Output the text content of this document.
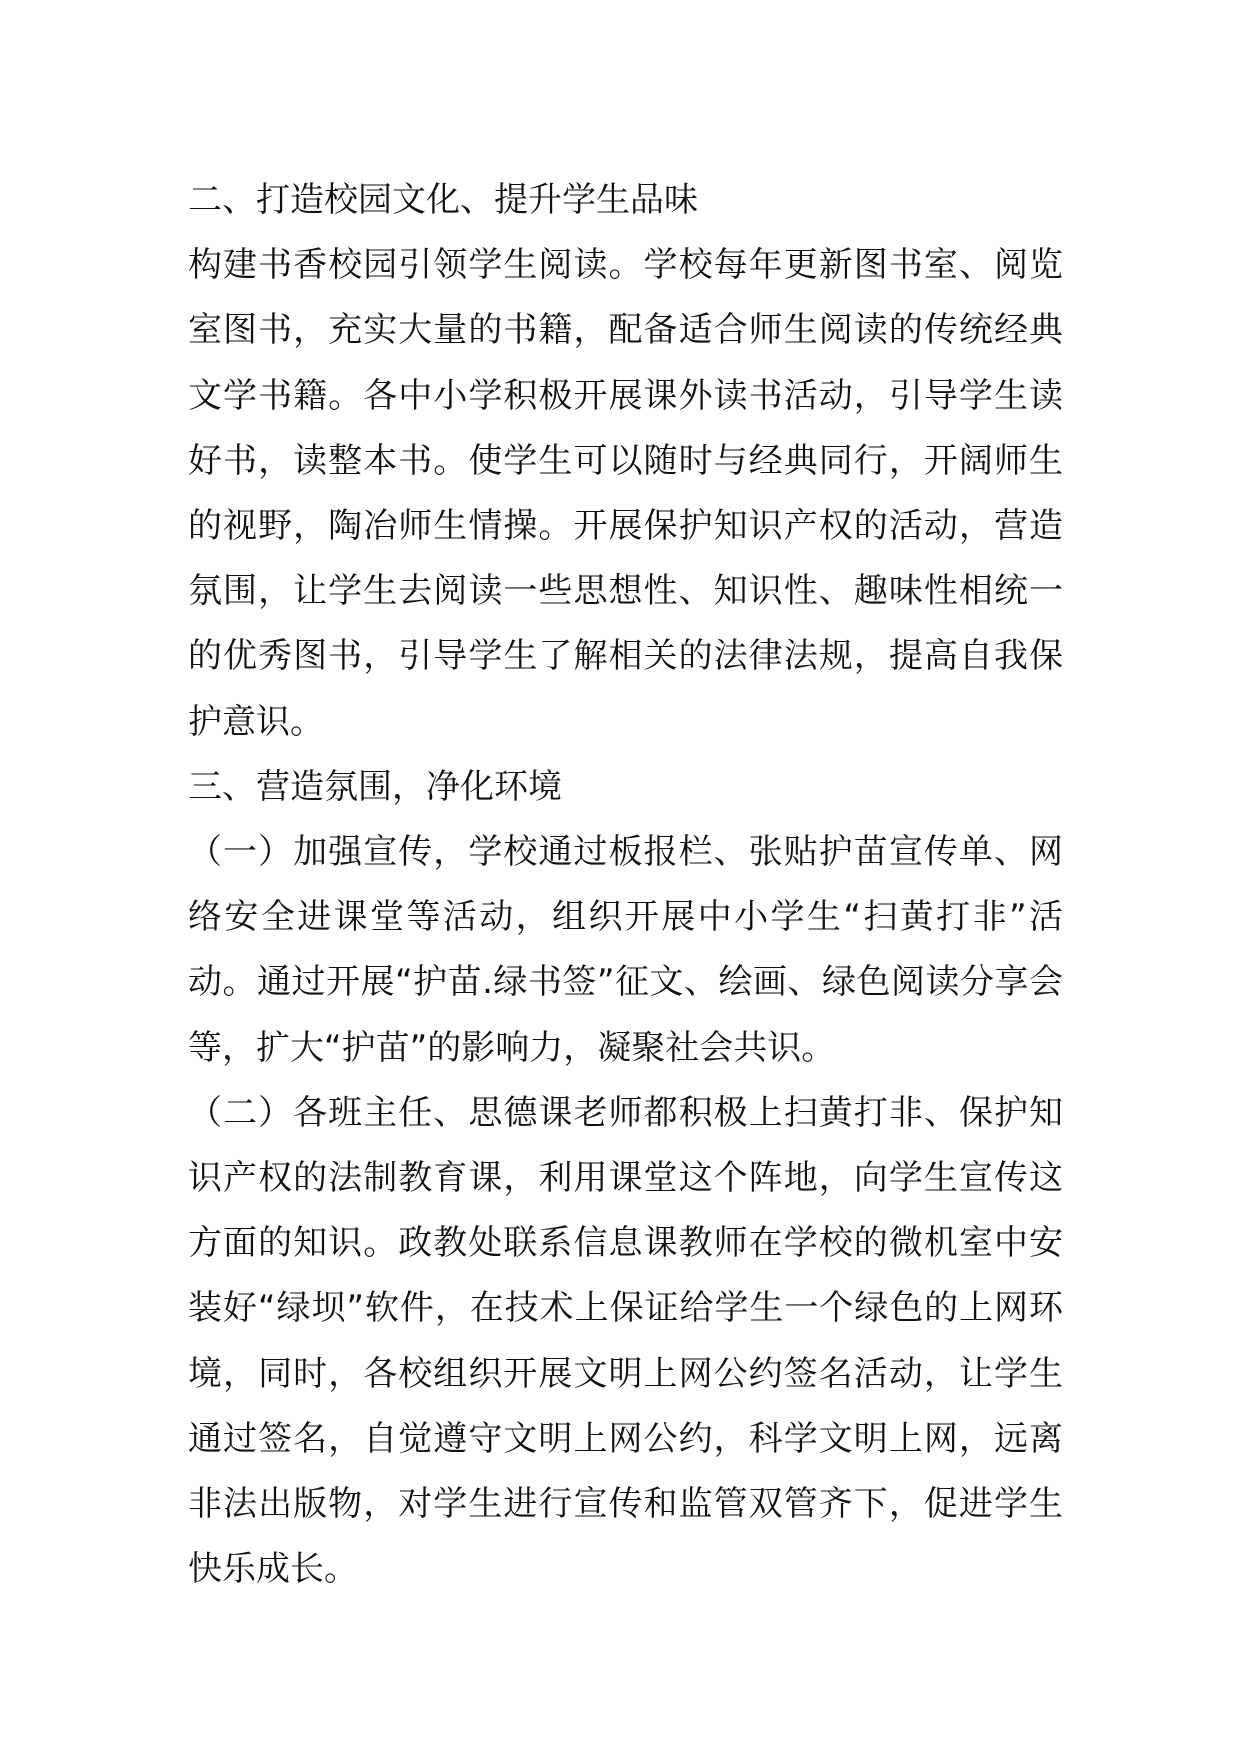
二、打造校园文化、提升学生品味

构建书香校园引领学生阅读。学校每年更新图书室、阅览室图书，充实大量的书籍，配备适合师生阅读的传统经典文学书籍。各中小学积极开展课外读书活动，引导学生读好书，读整本书。使学生可以随时与经典同行，开阔师生的视野，陶冶师生情操。开展保护知识产权的活动，营造氛围，让学生去阅读一些思想性、知识性、趣味性相统一的优秀图书，引导学生了解相关的法律法规，提高自我保护意识。

三、营造氛围，净化环境

（一）加强宣传，学校通过板报栏、张贴护苗宣传单、网络安全进课堂等活动，组织开展中小学生“扫黄打非”活动。通过开展“护苗.绿书签”征文、绘画、绿色阅读分享会等，扩大“护苗”的影响力，凝聚社会共识。

（二）各班主任、思德课老师都积极上扫黄打非、保护知识产权的法制教育课，利用课堂这个阵地，向学生宣传这方面的知识。政教处联系信息课教师在学校的微机室中安装好“绿坝”软件，在技术上保证给学生一个绿色的上网环境，同时，各校组织开展文明上网公约签名活动，让学生通过签名，自觉遵守文明上网公约，科学文明上网，远离非法出版物，对学生进行宣传和监管双管齐下，促进学生快乐成长。
